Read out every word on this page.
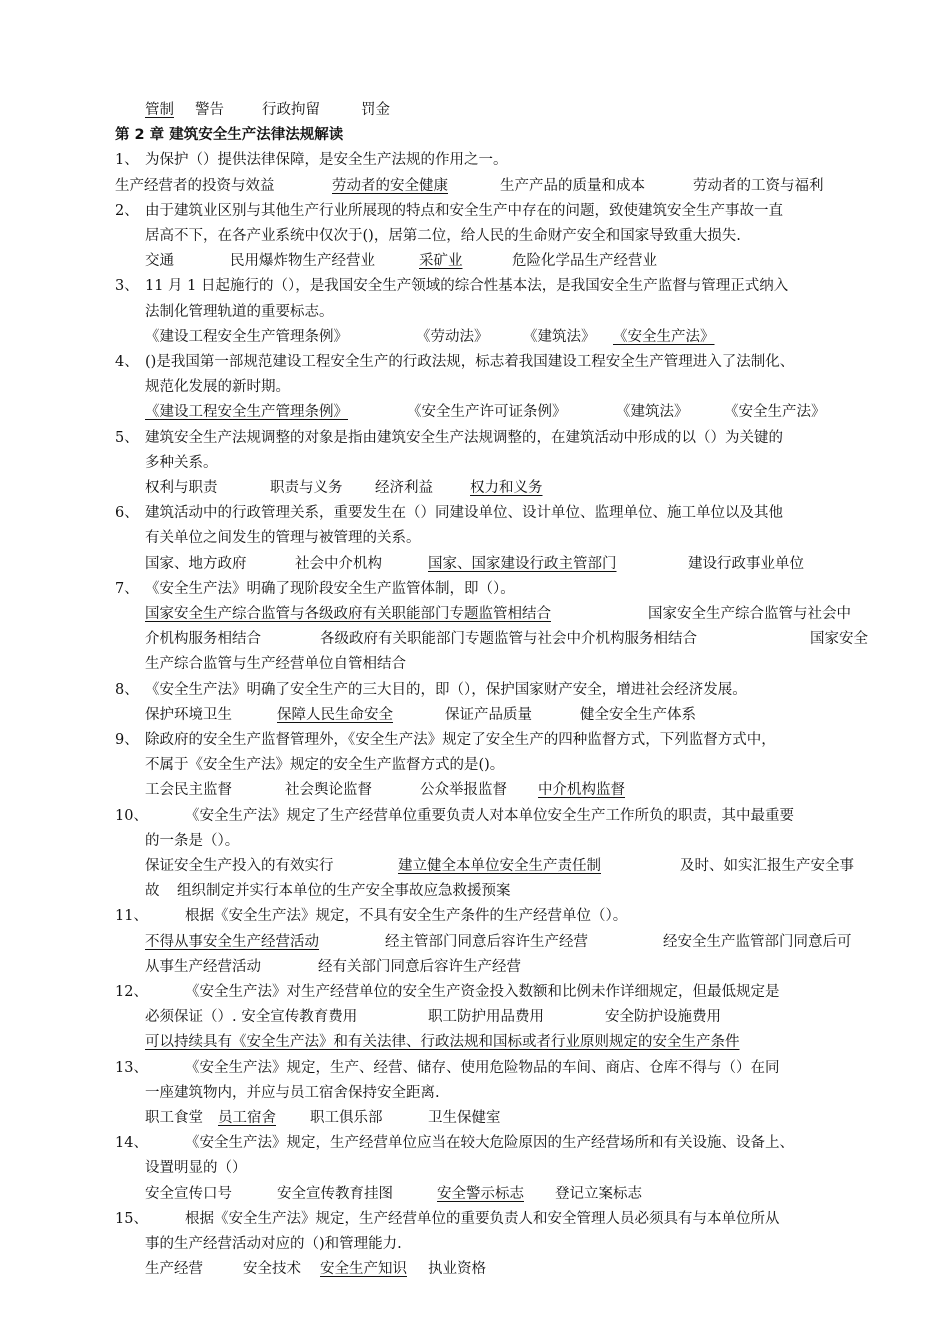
管制 警告	行政拘留	罚金
第 2 章 建筑安全生产法律法规解读
1、 为保护（）提供法律保障，是安全生产法规的作用之一。
生产经营者的投资与效益	劳动者的安全健康	生产产品的质量和成本	劳动者的工资与福利
2、 由于建筑业区别与其他生产行业所展现的特点和安全生产中存在的问题，致使建筑安全生产事故一直
居高不下，在各产业系统中仅次于()，居第二位，给人民的生命财产安全和国家导致重大损失.
交通	民用爆炸物生产经营业	采矿业	危险化学品生产经营业
3、 11 月 1 日起施行的（），是我国安全生产领域的综合性基本法，是我国安全生产监督与管理正式纳入
法制化管理轨道的重要标志。
《建设工程安全生产管理条例》	《劳动法》 《建筑法》 《安全生产法》
4、 ()是我国第一部规范建设工程安全生产的行政法规，标志着我国建设工程安全生产管理进入了法制化、
规范化发展的新时期。
《建设工程安全生产管理条例》	《安全生产许可证条例》	《建筑法》 《安全生产法》
5、 建筑安全生产法规调整的对象是指由建筑安全生产法规调整的，在建筑活动中形成的以（）为关键的
多种关系。
权利与职责	职责与义务 经济利益	权力和义务
6、 建筑活动中的行政管理关系，重要发生在（）同建设单位、设计单位、监理单位、施工单位以及其他
有关单位之间发生的管理与被管理的关系。
国家、地方政府	社会中介机构	国家、国家建设行政主管部门	建设行政事业单位
7、 《安全生产法》明确了现阶段安全生产监管体制，即（）。
国家安全生产综合监管与各级政府有关职能部门专题监管相结合	国家安全生产综合监管与社会中
介机构服务相结合	各级政府有关职能部门专题监管与社会中介机构服务相结合	国家安全
生产综合监管与生产经营单位自管相结合
8、 《安全生产法》明确了安全生产的三大目的，即（），保护国家财产安全，增进社会经济发展。
保护环境卫生	保障人民生命安全	保证产品质量	健全安全生产体系
9、 除政府的安全生产监督管理外，《安全生产法》规定了安全生产的四种监督方式，下列监督方式中，
不属于《安全生产法》规定的安全生产监督方式的是()。
工会民主监督	社会舆论监督	公众举报监督 中介机构监督
10、	《安全生产法》规定了生产经营单位重要负责人对本单位安全生产工作所负的职责，其中最重要
的一条是（）。
保证安全生产投入的有效实行	建立健全本单位安全生产责任制	及时、如实汇报生产安全事
故 组织制定并实行本单位的生产安全事故应急救援预案
11、	根据《安全生产法》规定，不具有安全生产条件的生产经营单位（）。
不得从事安全生产经营活动	经主管部门同意后容许生产经营	经安全生产监管部门同意后可
从事生产经营活动	经有关部门同意后容许生产经营
12、	《安全生产法》对生产经营单位的安全生产资金投入数额和比例未作详细规定，但最低规定是
必须保证（）. 安全宣传教育费用	职工防护用品费用	安全防护设施费用
可以持续具有《安全生产法》和有关法律、行政法规和国标或者行业原则规定的安全生产条件
13、	《安全生产法》规定，生产、经营、储存、使用危险物品的车间、商店、仓库不得与（）在同
一座建筑物内，并应与员工宿舍保持安全距离.
职工食堂 员工宿舍 职工俱乐部	卫生保健室
14、	《安全生产法》规定，生产经营单位应当在较大危险原因的生产经营场所和有关设施、设备上、
设置明显的（）
安全宣传口号	安全宣传教育挂图	安全警示标志 登记立案标志
15、	根据《安全生产法》规定，生产经营单位的重要负责人和安全管理人员必须具有与本单位所从
事的生产经营活动对应的（)和管理能力.
生产经营	安全技术 安全生产知识 执业资格
